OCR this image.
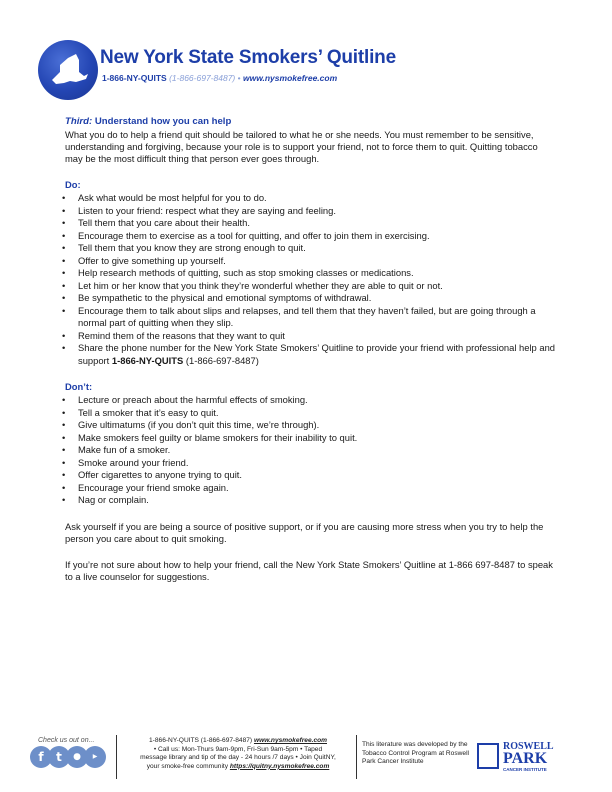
New York State Smokers’ Quitline
1-866-NY-QUITS (1-866-697-8487) • www.nysmokefree.com
Third: Understand how you can help

What you do to help a friend quit should be tailored to what he or she needs. You must remember to be sensitive, understanding and forgiving, because your role is to support your friend, not to force them to quit. Quitting tobacco may be the most difficult thing that person ever goes through.

Do:
• Ask what would be most helpful for you to do.
• Listen to your friend: respect what they are saying and feeling.
• Tell them that you care about their health.
• Encourage them to exercise as a tool for quitting, and offer to join them in exercising.
• Tell them that you know they are strong enough to quit.
• Offer to give something up yourself.
• Help research methods of quitting, such as stop smoking classes or medications.
• Let him or her know that you think they’re wonderful whether they are able to quit or not.
• Be sympathetic to the physical and emotional symptoms of withdrawal.
• Encourage them to talk about slips and relapses, and tell them that they haven’t failed, but are going through a normal part of quitting when they slip.
• Remind them of the reasons that they want to quit
• Share the phone number for the New York State Smokers’ Quitline to provide your friend with professional help and support 1-866-NY-QUITS (1-866-697-8487)
Don’t:
• Lecture or preach about the harmful effects of smoking.
• Tell a smoker that it’s easy to quit.
• Give ultimatums (if you don’t quit this time, we’re through).
• Make smokers feel guilty or blame smokers for their inability to quit.
• Make fun of a smoker.
• Smoke around your friend.
• Offer cigarettes to anyone trying to quit.
• Encourage your friend smoke again.
• Nag or complain.

Ask yourself if you are being a source of positive support, or if you are causing more stress when you try to help the person you care about to quit smoking.

If you’re not sure about how to help your friend, call the New York State Smokers’ Quitline at 1-866 697-8487 to speak to a live counselor for suggestions.

Check us out on...
f	t	●	▶
1-866-NY-QUITS (1-866-697-8487) www.nysmokefree.com
• Call us: Mon-Thurs 9am-9pm, Fri-Sun 9am-5pm • Taped
message library and tip of the day - 24 hours /7 days • Join QuitNY,
your smoke-free community https://quitny.nysmokefree.com
This literature was developed by the Tobacco Control Program at Roswell Park Cancer Institute
ROSWELL
PARK
CANCER INSTITUTE
